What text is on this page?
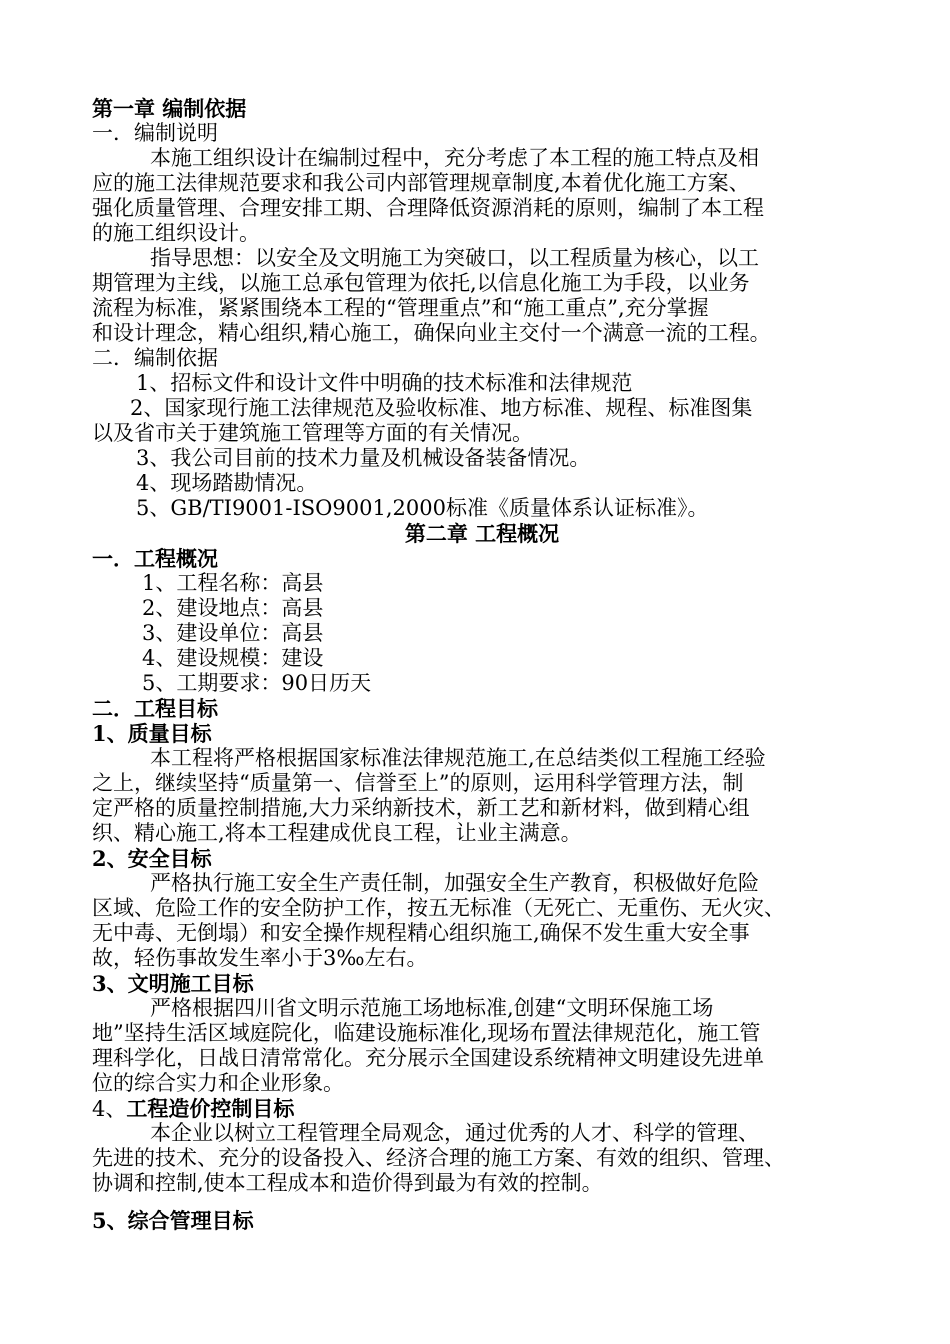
第一章 编制依据
一．编制说明
本施工组织设计在编制过程中，充分考虑了本工程的施工特点及相
应的施工法律规范要求和我公司内部管理规章制度,本着优化施工方案、
强化质量管理、合理安排工期、合理降低资源消耗的原则，编制了本工程
的施工组织设计。
指导思想：以安全及文明施工为突破口，以工程质量为核心，以工
期管理为主线，以施工总承包管理为依托,以信息化施工为手段，以业务
流程为标准，紧紧围绕本工程的“管理重点”和“施工重点”,充分掌握
和设计理念，精心组织,精心施工，确保向业主交付一个满意一流的工程。
二．编制依据
1、招标文件和设计文件中明确的技术标准和法律规范
2、国家现行施工法律规范及验收标准、地方标准、规程、标准图集
以及省市关于建筑施工管理等方面的有关情况。
3、我公司目前的技术力量及机械设备装备情况。
4、现场踏勘情况。
5、GB/TI9001-ISO9001,2000标准《质量体系认证标准》。
第二章 工程概况
一．工程概况
1、工程名称：高县
2、建设地点：高县
3、建设单位：高县
4、建设规模：建设
5、工期要求：90日历天
二．工程目标
1、质量目标
本工程将严格根据国家标准法律规范施工,在总结类似工程施工经验
之上，继续坚持“质量第一、信誉至上”的原则，运用科学管理方法，制
定严格的质量控制措施,大力采纳新技术，新工艺和新材料，做到精心组
织、精心施工,将本工程建成优良工程，让业主满意。
2、安全目标
严格执行施工安全生产责任制，加强安全生产教育，积极做好危险
区域、危险工作的安全防护工作，按五无标准（无死亡、无重伤、无火灾、
无中毒、无倒塌）和安全操作规程精心组织施工,确保不发生重大安全事
故，轻伤事故发生率小于3‰左右。
3、文明施工目标
严格根据四川省文明示范施工场地标准,创建“文明环保施工场
地”坚持生活区域庭院化，临建设施标准化,现场布置法律规范化，施工管
理科学化，日战日清常常化。充分展示全国建设系统精神文明建设先进单
位的综合实力和企业形象。
4、工程造价控制目标
本企业以树立工程管理全局观念，通过优秀的人才、科学的管理、
先进的技术、充分的设备投入、经济合理的施工方案、有效的组织、管理、
协调和控制,使本工程成本和造价得到最为有效的控制。
5、综合管理目标
